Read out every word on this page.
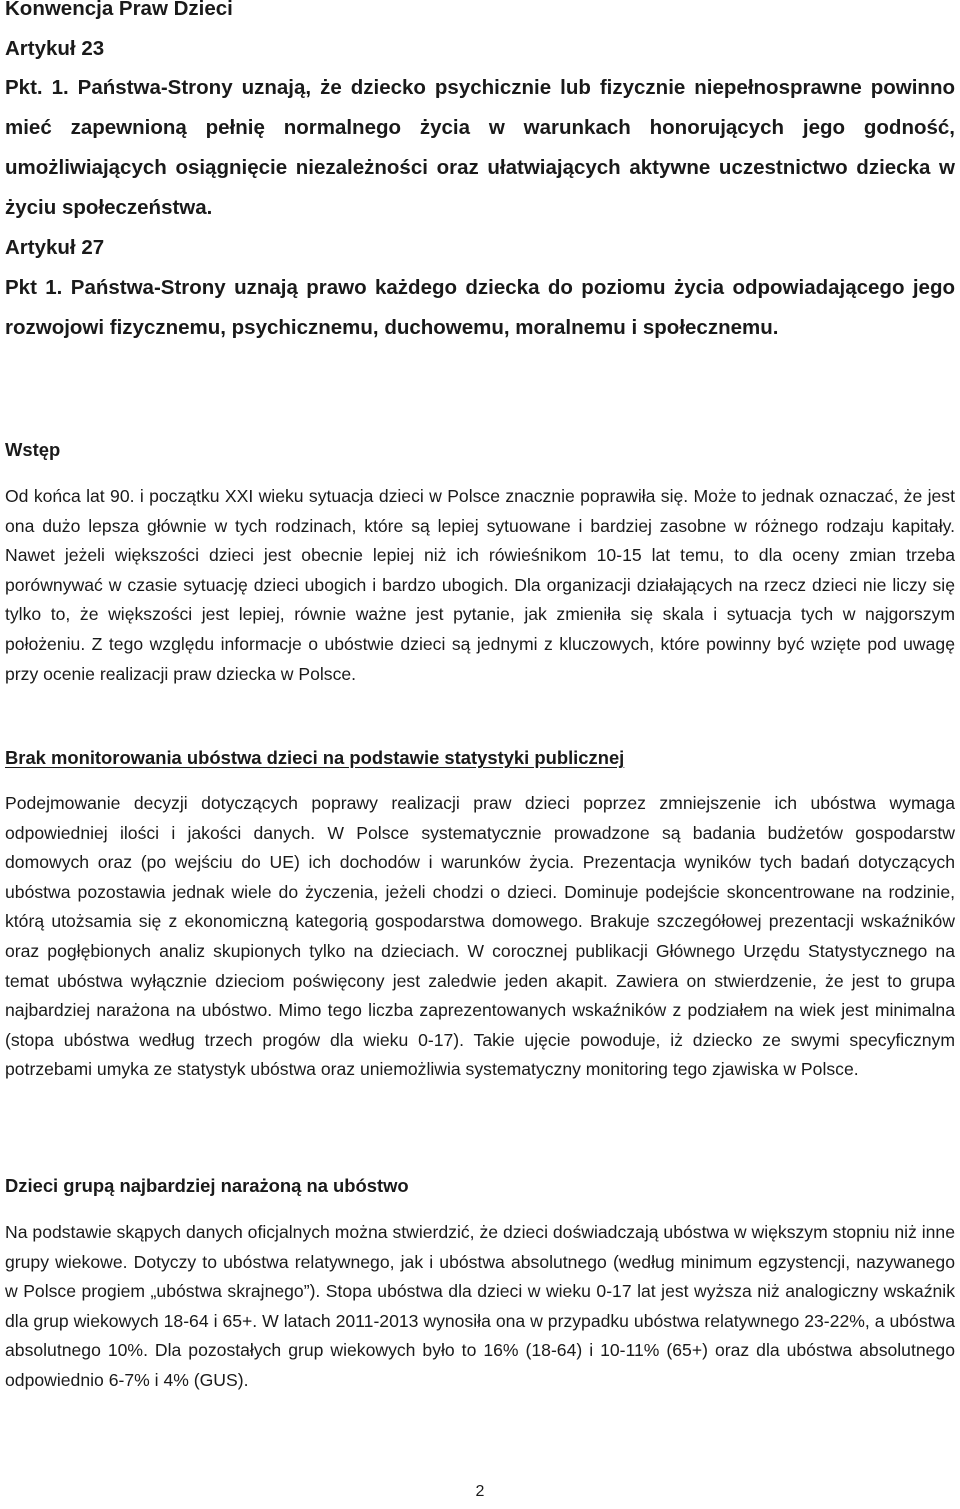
Konwencja Praw Dzieci
Artykuł 23
Pkt. 1. Państwa-Strony uznają, że dziecko psychicznie lub fizycznie niepełnosprawne powinno mieć zapewnioną pełnię normalnego życia w warunkach honorujących jego godność, umożliwiających osiągnięcie niezależności oraz ułatwiających aktywne uczestnictwo dziecka w życiu społeczeństwa.
Artykuł 27
Pkt 1. Państwa-Strony uznają prawo każdego dziecka do poziomu życia odpowiadającego jego rozwojowi fizycznemu, psychicznemu, duchowemu, moralnemu i społecznemu.
Wstęp
Od końca lat 90. i początku XXI wieku sytuacja dzieci w Polsce znacznie poprawiła się. Może to jednak oznaczać, że jest ona dużo lepsza głównie w tych rodzinach, które są lepiej sytuowane i bardziej zasobne w różnego rodzaju kapitały. Nawet jeżeli większości dzieci jest obecnie lepiej niż ich rówieśnikom 10-15 lat temu, to dla oceny zmian trzeba porównywać w czasie sytuację dzieci ubogich i bardzo ubogich. Dla organizacji działających na rzecz dzieci nie liczy się tylko to, że większości jest lepiej, równie ważne jest pytanie, jak zmieniła się skala i sytuacja tych w najgorszym położeniu. Z tego względu informacje o ubóstwie dzieci są jednymi z kluczowych, które powinny być wzięte pod uwagę przy ocenie realizacji praw dziecka w Polsce.
Brak monitorowania ubóstwa dzieci na podstawie statystyki publicznej
Podejmowanie decyzji dotyczących poprawy realizacji praw dzieci poprzez zmniejszenie ich ubóstwa wymaga odpowiedniej ilości i jakości danych. W Polsce systematycznie prowadzone są badania budżetów gospodarstw domowych oraz (po wejściu do UE) ich dochodów i warunków życia. Prezentacja wyników tych badań dotyczących ubóstwa pozostawia jednak wiele do życzenia, jeżeli chodzi o dzieci. Dominuje podejście skoncentrowane na rodzinie, którą utożsamia się z ekonomiczną kategorią gospodarstwa domowego. Brakuje szczegółowej prezentacji wskaźników oraz pogłębionych analiz skupionych tylko na dzieciach. W corocznej publikacji Głównego Urzędu Statystycznego na temat ubóstwa wyłącznie dzieciom poświęcony jest zaledwie jeden akapit. Zawiera on stwierdzenie, że jest to grupa najbardziej narażona na ubóstwo. Mimo tego liczba zaprezentowanych wskaźników z podziałem na wiek jest minimalna (stopa ubóstwa według trzech progów dla wieku 0-17). Takie ujęcie powoduje, iż dziecko ze swymi specyficznym potrzebami umyka ze statystyk ubóstwa oraz uniemożliwia systematyczny monitoring tego zjawiska w Polsce.
Dzieci grupą najbardziej narażoną na ubóstwo
Na podstawie skąpych danych oficjalnych można stwierdzić, że dzieci doświadczają ubóstwa w większym stopniu niż inne grupy wiekowe. Dotyczy to ubóstwa relatywnego, jak i ubóstwa absolutnego (według minimum egzystencji, nazywanego w Polsce progiem „ubóstwa skrajnego”). Stopa ubóstwa dla dzieci w wieku 0-17 lat jest wyższa niż analogiczny wskaźnik dla grup wiekowych 18-64 i 65+. W latach 2011-2013 wynosiła ona w przypadku ubóstwa relatywnego 23-22%, a ubóstwa absolutnego 10%. Dla pozostałych grup wiekowych było to 16% (18-64) i 10-11% (65+) oraz dla ubóstwa absolutnego odpowiednio 6-7% i 4% (GUS).
2
